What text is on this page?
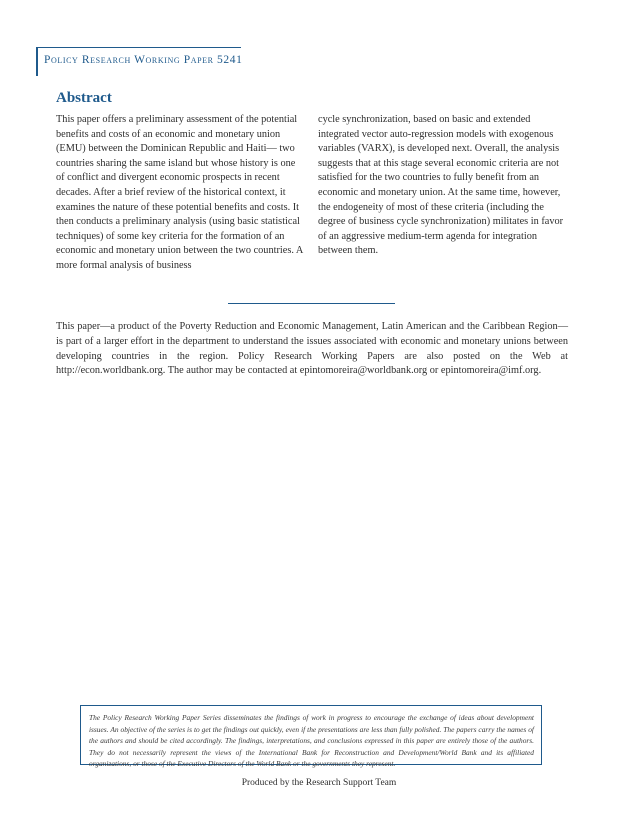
Policy Research Working Paper 5241
Abstract
This paper offers a preliminary assessment of the potential benefits and costs of an economic and monetary union (EMU) between the Dominican Republic and Haiti— two countries sharing the same island but whose history is one of conflict and divergent economic prospects in recent decades. After a brief review of the historical context, it examines the nature of these potential benefits and costs. It then conducts a preliminary analysis (using basic statistical techniques) of some key criteria for the formation of an economic and monetary union between the two countries. A more formal analysis of business
cycle synchronization, based on basic and extended integrated vector auto-regression models with exogenous variables (VARX), is developed next. Overall, the analysis suggests that at this stage several economic criteria are not satisfied for the two countries to fully benefit from an economic and monetary union. At the same time, however, the endogeneity of most of these criteria (including the degree of business cycle synchronization) militates in favor of an aggressive medium-term agenda for integration between them.
This paper—a product of the Poverty Reduction and Economic Management, Latin American and the Caribbean Region—is part of a larger effort in the department to understand the issues associated with economic and monetary unions between developing countries in the region. Policy Research Working Papers are also posted on the Web at http://econ.worldbank.org. The author may be contacted at epintomoreira@worldbank.org or epintomoreira@imf.org.
The Policy Research Working Paper Series disseminates the findings of work in progress to encourage the exchange of ideas about development issues. An objective of the series is to get the findings out quickly, even if the presentations are less than fully polished. The papers carry the names of the authors and should be cited accordingly. The findings, interpretations, and conclusions expressed in this paper are entirely those of the authors. They do not necessarily represent the views of the International Bank for Reconstruction and Development/World Bank and its affiliated organizations, or those of the Executive Directors of the World Bank or the governments they represent.
Produced by the Research Support Team
